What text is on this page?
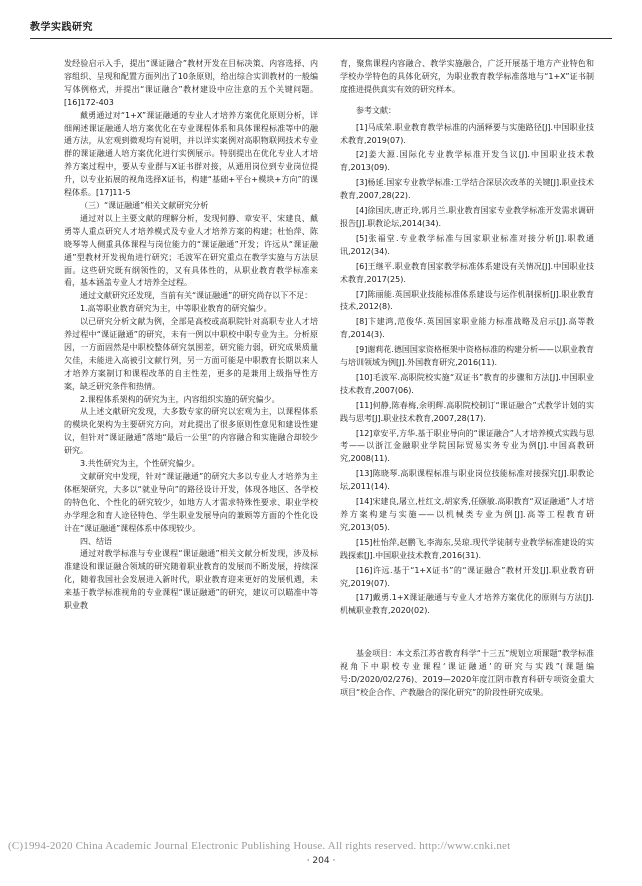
教学实践研究

发经验启示入手，提出“课证融合”教材开发在目标决策、内容选择、内容组织、呈现和配置方面列出了10条原则，给出综合实训教材的一般编写体例格式，并提出“课证融合”教材建设中应注意的五个关键问题。[16]172-403

戴勇通过对“1+X”课证融通的专业人才培养方案优化原则分析，详细阐述课证融通人培方案优化在专业课程体系和具体课程标准等中的融通方法，从宏观到微观均有说明，并以详实案例对高职物联网技术专业群的课证融通人培方案优化进行实例展示。特别提出在优化专业人才培养方案过程中，要从专业群与X证书群对接，从通用岗位到专业岗位提升，以专业拓展的视角选择X证书，构建“基础+平台+模块+方向”的课程体系。[17]11-5

（三）“课证融通”相关文献研究分析

通过对以上主要文献的理解分析，发现何静、章安平、宋建良、戴勇等人重点研究人才培养模式及专业人才培养方案的构建；杜怡萍、陈晓琴等人侧重具体课程与岗位能力的“课证融通”开发；许远从“课证融通”型教材开发视角进行研究；毛波军在研究重点在教学实施与方法层面。这些研究既有纲领性的，又有具体性的，从职业教育教学标准来看，基本涵盖专业人才培养全过程。

通过文献研究还发现，当前有关“课证融通”的研究尚存以下不足：

1.高等职业教育研究为主，中等职业教育的研究偏少。

以已研究分析文献为例，全部是高校或高职院针对高职专业人才培养过程中“课证融通”的研究，未有一例以中职校中职专业为主。分析原因，一方面固然是中职校整体研究氛围差，研究能力弱，研究成果质量欠佳，未能进入高被引文献行列，另一方面可能是中职教育长期以来人才培养方案制订和课程改革的自主性差，更多的是兼用上级指导性方案，缺乏研究条件和热情。

2.课程体系架构的研究为主，内容组织实施的研究偏少。

从上述文献研究发现，大多数专家的研究以宏观为主，以课程体系的模块化架构为主要研究方向，对此提出了很多原则性意见和建设性建议，但针对“课证融通”落地“最后一公里”的内容融合和实施融合却较少研究。

3.共性研究为主，个性研究偏少。

文献研究中发现，针对“课证融通”的研究大多以专业人才培养为主体框架研究，大多以“就业导向”的路径设计开发，体现各地区、各学校的特色化、个性化的研究较少，如地方人才需求特殊性要求、职业学校办学理念和育人途径特色、学生职业发展导向的兼顾等方面的个性化设计在“课证融通”课程体系中体现较少。

四、结语

通过对教学标准与专业课程“课证融通”相关文献分析发现，涉及标准建设和课证融合领域的研究随着职业教育的发展而不断发展，持续深化，随着我国社会发展进入新时代，职业教育迎来更好的发展机遇，未来基于教学标准视角的专业课程“课证融通”的研究，建议可以瞄准中等职业教

育，聚焦课程内容融合、教学实施融合，广泛开展基于地方产业特色和学校办学特色的具体化研究，为职业教育教学标准落地与“1+X”证书制度推进提供真实有效的研究样本。

参考文献：

[1]马成荣.职业教育教学标准的内涵释要与实施路径[J].中国职业技术教育,2019(07).

[2]姜大源.国际化专业教学标准开发刍议[J].中国职业技术教育,2013(09).

[3]杨延.国家专业教学标准:工学结合深层次改革的关键[J].职业技术教育,2007,28(22).

[4]徐国庆,唐正玲,郭月兰.职业教育国家专业教学标准开发需求调研报告[J].职教论坛,2014(34).

[5]张福堂.专业教学标准与国家职业标准对接分析[J].职教通讯,2012(34).

[6]王继平.职业教育国家教学标准体系建设有关情况[J].中国职业技术教育,2017(25).

[7]陈丽能.英国职业技能标准体系建设与运作机制探析[J].职业教育技术,2012(8).

[8]卞建鸿,范俊华.英国国家职业能力标准战略及启示[J].高等教育,2014(3).

[9]谢莉花.德国国家资格框架中资格标准的构建分析——以职业教育与培训领域为例[J].外国教育研究,2016(11).

[10]毛波军.高职院校实施“双证书”教育的步骤和方法[J].中国职业技术教育,2007(06).

[11]何静,陈春梅,余明辉.高职院校制订“课证融合”式教学计划的实践与思考[J].职业技术教育,2007,28(17).

[12]章安平,方华.基于职业导向的“课证融合”人才培养模式实践与思考——以浙江金融职业学院国际贸易实务专业为例[J].中国高教研究,2008(11).

[13]陈晓琴.高职课程标准与职业岗位技能标准对接探究[J].职教论坛,2011(14).

[14]宋建良,屠立,杜红文,胡家秀,任颐敏.高职教育“双证融通”人才培养方案构建与实施——以机械类专业为例[J].高等工程教育研究,2013(05).

[15]杜怡萍,赵鹏飞,李海东,吴琼.现代学徒制专业教学标准建设的实践探索[J].中国职业技术教育,2016(31).

[16]许远.基于“1+X证书”的“课证融合”教材开发[J].职业教育研究,2019(07).

[17]戴勇.1+X课证融通与专业人才培养方案优化的原则与方法[J].机械职业教育,2020(02).

基金项目：本文系江苏省教育科学“十三五”规划立项课题“教学标准视角下中职校专业课程‘课证融通’的研究与实践”(课题编号:D/2020/02/276)、2019—2020年度江阴市教育科研专项资金重大项目“校企合作、产教融合的深化研究”的阶段性研究成果。

(C)1994-2020 China Academic Journal Electronic Publishing House. All rights reserved. http://www.cnki.net
· 204 ·
